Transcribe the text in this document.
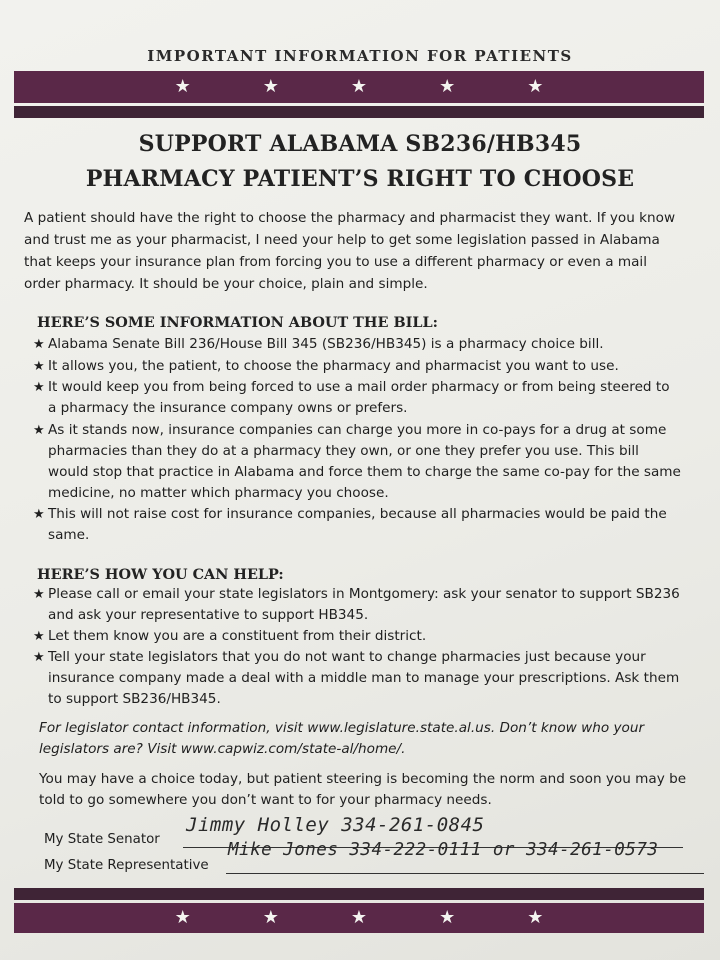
IMPORTANT INFORMATION FOR PATIENTS
★	★	★	★	★
SUPPORT ALABAMA SB236/HB345
PHARMACY PATIENT’S RIGHT TO CHOOSE
A patient should have the right to choose the pharmacy and pharmacist they want. If you know
and trust me as your pharmacist, I need your help to get some legislation passed in Alabama
that keeps your insurance plan from forcing you to use a different pharmacy or even a mail
order pharmacy. It should be your choice, plain and simple.
HERE’S SOME INFORMATION ABOUT THE BILL:
★ Alabama Senate Bill 236/House Bill 345 (SB236/HB345) is a pharmacy choice bill.
★ It allows you, the patient, to choose the pharmacy and pharmacist you want to use.
★ It would keep you from being forced to use a mail order pharmacy or from being steered to
a pharmacy the insurance company owns or prefers.
★ As it stands now, insurance companies can charge you more in co-pays for a drug at some
pharmacies than they do at a pharmacy they own, or one they prefer you use. This bill
would stop that practice in Alabama and force them to charge the same co-pay for the same
medicine, no matter which pharmacy you choose.
★ This will not raise cost for insurance companies, because all pharmacies would be paid the
same.
HERE’S HOW YOU CAN HELP:
★ Please call or email your state legislators in Montgomery: ask your senator to support SB236
and ask your representative to support HB345.
★ Let them know you are a constituent from their district.
★ Tell your state legislators that you do not want to change pharmacies just because your
insurance company made a deal with a middle man to manage your prescriptions. Ask them
to support SB236/HB345.
For legislator contact information, visit www.legislature.state.al.us. Don’t know who your
legislators are? Visit www.capwiz.com/state-al/home/.
You may have a choice today, but patient steering is becoming the norm and soon you may be
told to go somewhere you don’t want to for your pharmacy needs.
My State Senator
Jimmy Holley 334-261-0845
My State Representative
Mike Jones 334-222-0111 or 334-261-0573
★	★	★	★	★
